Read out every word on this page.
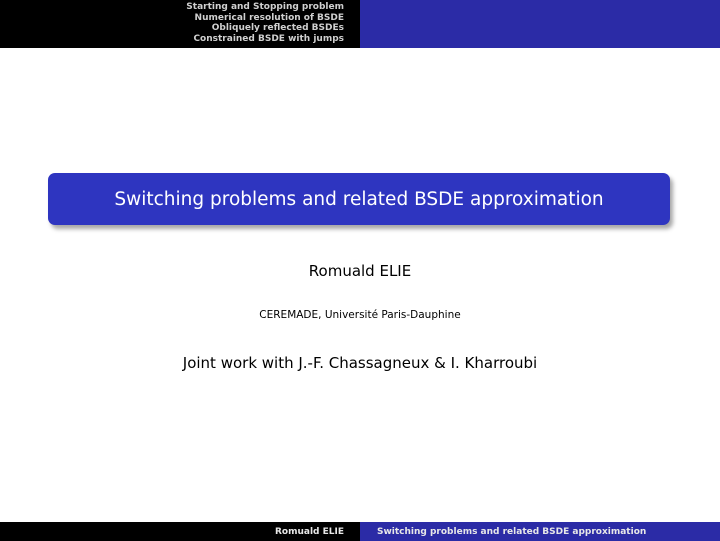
Starting and Stopping problem
Numerical resolution of BSDE
Obliquely reflected BSDEs
Constrained BSDE with jumps
Switching problems and related BSDE approximation
Romuald ELIE
CEREMADE, Université Paris-Dauphine
Joint work with J.-F. Chassagneux & I. Kharroubi
Romuald ELIE	Switching problems and related BSDE approximation
